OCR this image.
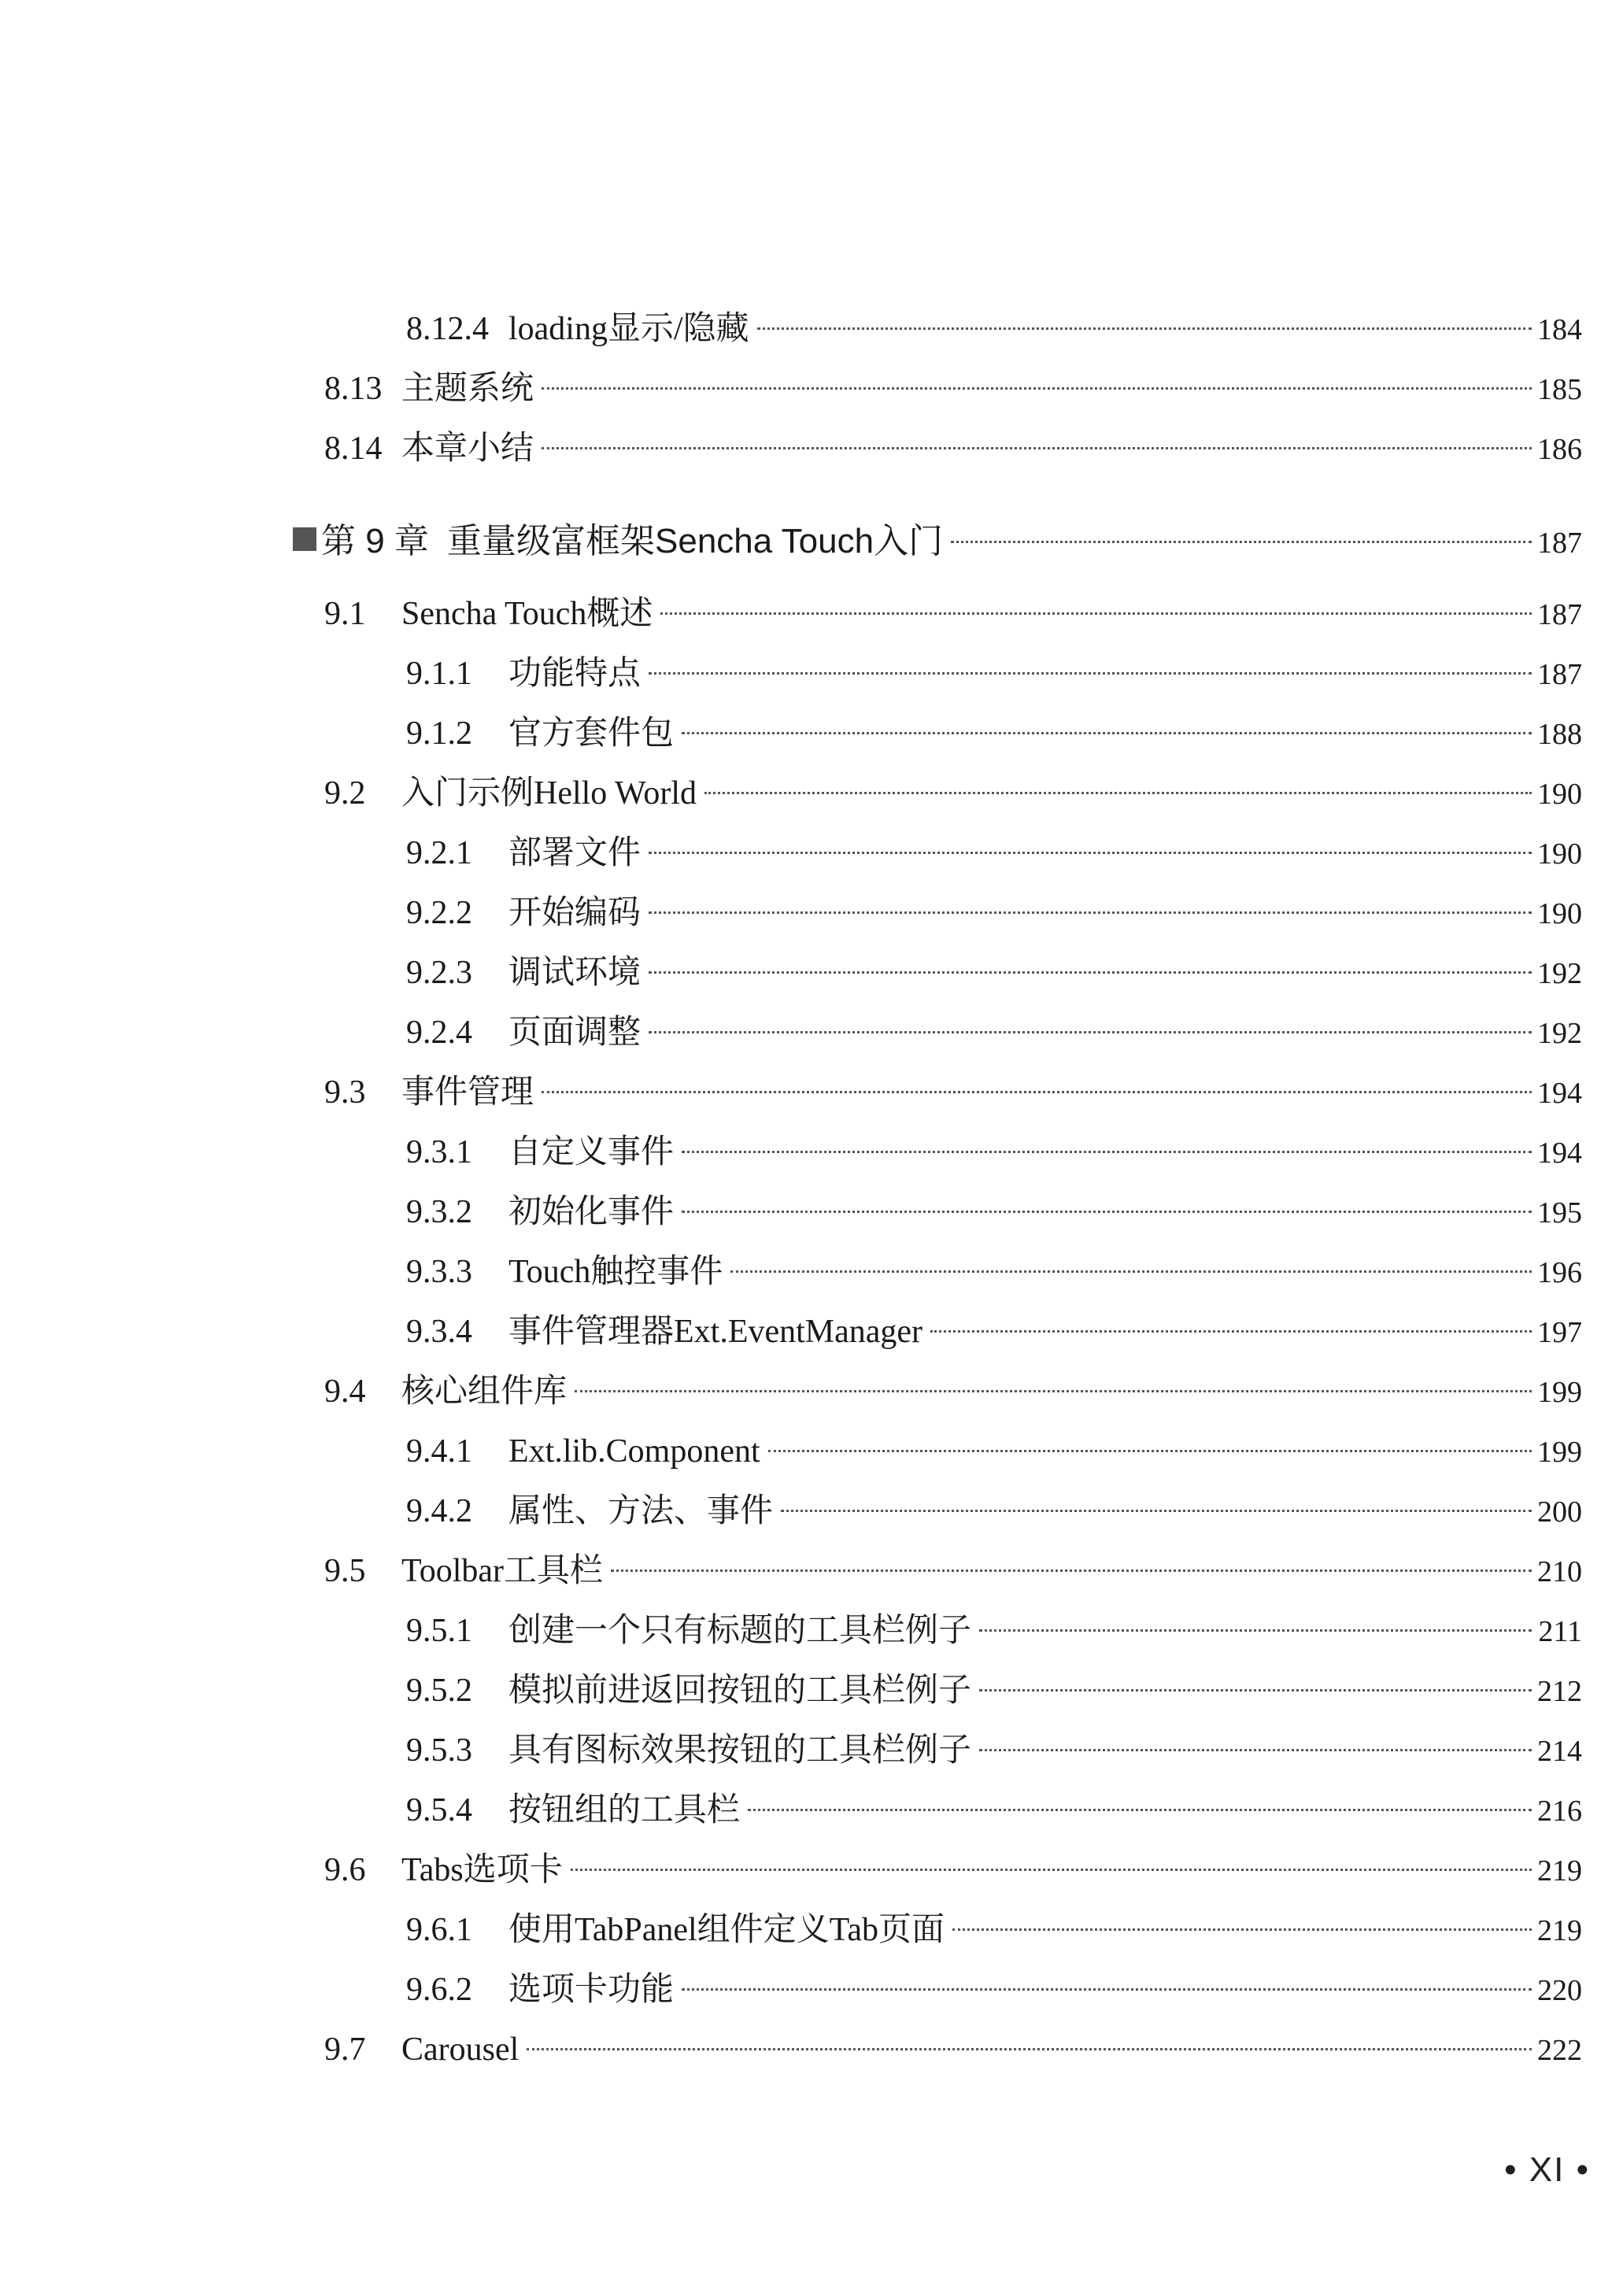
8.12.4 loading显示/隐藏	184
8.13 主题系统	185
8.14 本章小结	186
第 9 章 重量级富框架Sencha Touch入门	187
9.1	Sencha Touch概述	187
9.1.1	功能特点	187
9.1.2	官方套件包	188
9.2	入门示例Hello World	190
9.2.1	部署文件	190
9.2.2	开始编码	190
9.2.3	调试环境	192
9.2.4	页面调整	192
9.3	事件管理	194
9.3.1	自定义事件	194
9.3.2	初始化事件	195
9.3.3	Touch触控事件	196
9.3.4	事件管理器Ext.EventManager	197
9.4	核心组件库	199
9.4.1	Ext.lib.Component	199
9.4.2	属性、方法、事件	200
9.5	Toolbar工具栏	210
9.5.1	创建一个只有标题的工具栏例子	211
9.5.2	模拟前进返回按钮的工具栏例子	212
9.5.3	具有图标效果按钮的工具栏例子	214
9.5.4	按钮组的工具栏	216
9.6	Tabs选项卡	219
9.6.1	使用TabPanel组件定义Tab页面	219
9.6.2	选项卡功能	220
9.7	Carousel	222
• XI •
